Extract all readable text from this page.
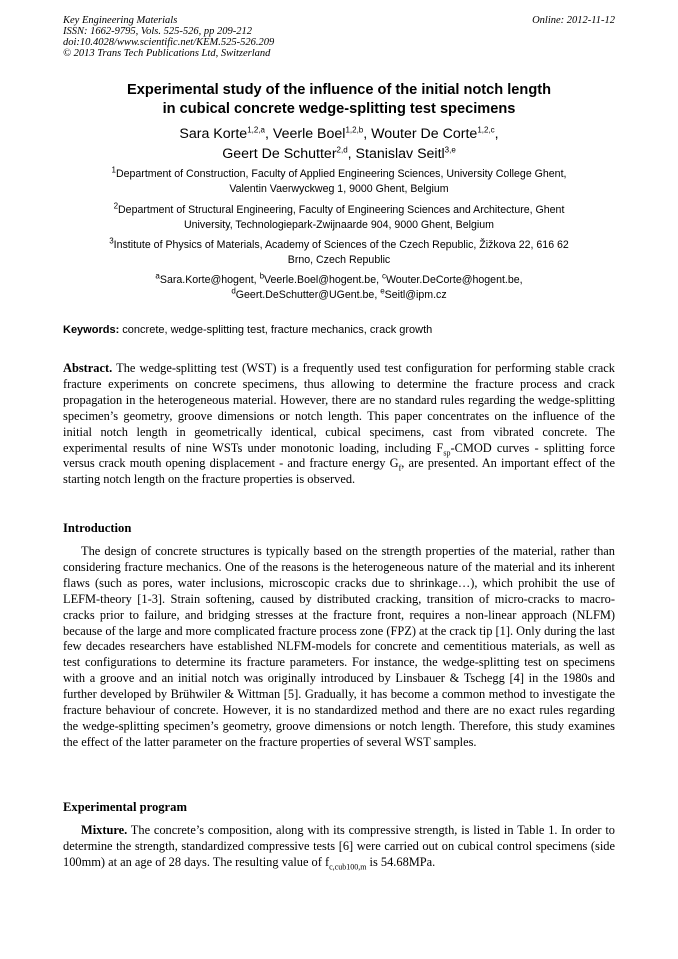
Key Engineering Materials
ISSN: 1662-9795, Vols. 525-526, pp 209-212
doi:10.4028/www.scientific.net/KEM.525-526.209
© 2013 Trans Tech Publications Ltd, Switzerland
Online: 2012-11-12
Experimental study of the influence of the initial notch length
in cubical concrete wedge-splitting test specimens
Sara Korte$^{1,2,a}$, Veerle Boel$^{1,2,b}$, Wouter De Corte$^{1,2,c}$,
Geert De Schutter$^{2,d}$, Stanislav Seitl$^{3,e}$
$^1$Department of Construction, Faculty of Applied Engineering Sciences, University College Ghent,
Valentin Vaerwyckweg 1, 9000 Ghent, Belgium
$^2$Department of Structural Engineering, Faculty of Engineering Sciences and Architecture, Ghent
University, Technologiepark-Zwijnaarde 904, 9000 Ghent, Belgium
$^3$Institute of Physics of Materials, Academy of Sciences of the Czech Republic, Žižkova 22, 616 62
Brno, Czech Republic
$^a$Sara.Korte@hogent, $^b$Veerle.Boel@hogent.be, $^c$Wouter.DeCorte@hogent.be,
$^d$Geert.DeSchutter@UGent.be, $^e$Seitl@ipm.cz
Keywords: concrete, wedge-splitting test, fracture mechanics, crack growth
Abstract. The wedge-splitting test (WST) is a frequently used test configuration for performing stable crack fracture experiments on concrete specimens, thus allowing to determine the fracture process and crack propagation in the heterogeneous material. However, there are no standard rules regarding the wedge-splitting specimen’s geometry, groove dimensions or notch length. This paper concentrates on the influence of the initial notch length in geometrically identical, cubical specimens, cast from vibrated concrete. The experimental results of nine WSTs under monotonic loading, including $F_{sp}$-CMOD curves - splitting force versus crack mouth opening displacement - and fracture energy $G_f$, are presented. An important effect of the starting notch length on the fracture properties is observed.
Introduction
The design of concrete structures is typically based on the strength properties of the material, rather than considering fracture mechanics. One of the reasons is the heterogeneous nature of the material and its inherent flaws (such as pores, water inclusions, microscopic cracks due to shrinkage…), which prohibit the use of LEFM-theory [1-3]. Strain softening, caused by distributed cracking, transition of micro-cracks to macro-cracks prior to failure, and bridging stresses at the fracture front, requires a non-linear approach (NLFM) because of the large and more complicated fracture process zone (FPZ) at the crack tip [1]. Only during the last few decades researchers have established NLFM-models for concrete and cementitious materials, as well as test configurations to determine its fracture parameters. For instance, the wedge-splitting test on specimens with a groove and an initial notch was originally introduced by Linsbauer & Tschegg [4] in the 1980s and further developed by Brühwiler & Wittman [5]. Gradually, it has become a common method to investigate the fracture behaviour of concrete. However, it is no standardized method and there are no exact rules regarding the wedge-splitting specimen’s geometry, groove dimensions or notch length. Therefore, this study examines the effect of the latter parameter on the fracture properties of several WST samples.
Experimental program
Mixture. The concrete’s composition, along with its compressive strength, is listed in Table 1. In order to determine the strength, standardized compressive tests [6] were carried out on cubical control specimens (side 100mm) at an age of 28 days. The resulting value of $f_{c,cub100,m}$ is 54.68MPa.
